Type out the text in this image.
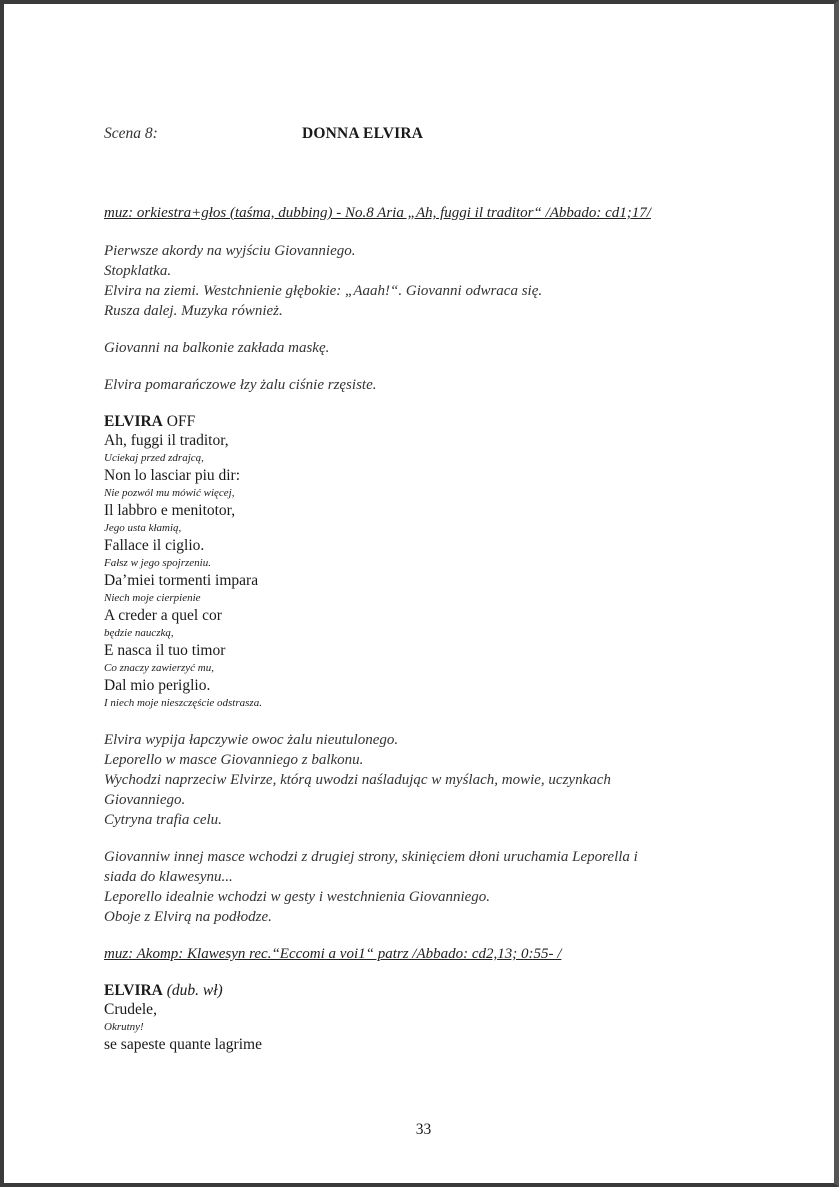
Scena 8:	DONNA ELVIRA
muz: orkiestra+głos (taśma, dubbing) - No.8 Aria „Ah, fuggi il traditor“ /Abbado: cd1;17/
Pierwsze akordy na wyjściu Giovanniego.
Stopklatka.
Elvira na ziemi. Westchnienie głębokie: „Aaah!“. Giovanni odwraca się.
Rusza dalej. Muzyka również.
Giovanni na balkonie zakłada maskę.
Elvira pomarańczowe łzy żalu ciśnie rzęsiste.
ELVIRA OFF
Ah, fuggi il traditor,
Uciekaj przed zdrajcą,
Non lo lasciar piu dir:
Nie pozwól mu mówić więcej,
Il labbro e menitotor,
Jego usta kłamią,
Fallace il ciglio.
Fałsz w jego spojrzeniu.
Da’miei tormenti impara
Niech moje cierpienie
A creder a quel cor
będzie nauczką,
E nasca il tuo timor
Co znaczy zawierzyć mu,
Dal mio periglio.
I niech moje nieszczęście odstrasza.
Elvira wypija łapczywie owoc żalu nieutulonego.
Leporello w masce Giovanniego z balkonu.
Wychodzi naprzeciw Elvirze, którą uwodzi naśladując w myślach, mowie, uczynkach
Giovanniego.
Cytryna trafia celu.
Giovanniw innej masce wchodzi z drugiej strony, skinięciem dłoni uruchamia Leporella i
siada do klawesynu...
Leporello idealnie wchodzi w gesty i westchnienia Giovanniego.
Oboje z Elvirą na podłodze.
muz: Akomp: Klawesyn rec.“Eccomi a voi1“ patrz /Abbado: cd2,13; 0:55- /
ELVIRA (dub. wł)
Crudele,
Okrutny!
se sapeste quante lagrime
33
